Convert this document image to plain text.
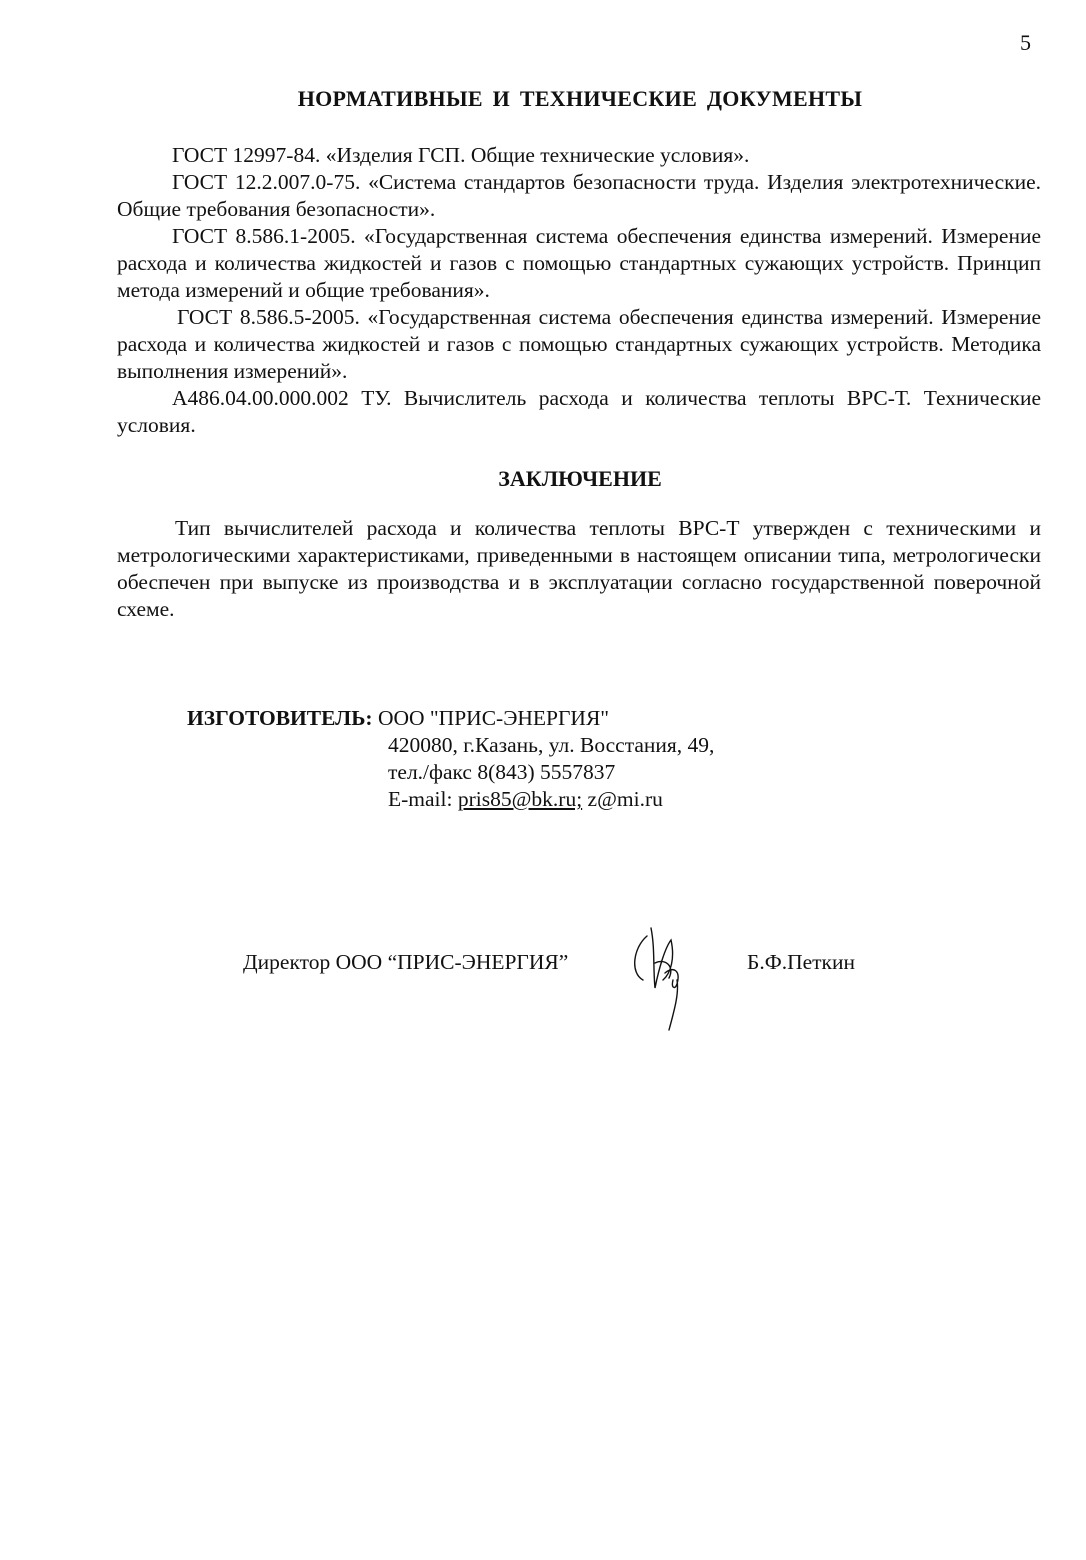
5
НОРМАТИВНЫЕ И ТЕХНИЧЕСКИЕ ДОКУМЕНТЫ

ГОСТ 12997-84. «Изделия ГСП. Общие технические условия».

ГОСТ 12.2.007.0-75. «Система стандартов безопасности труда. Изделия электротехнические. Общие требования безопасности».

ГОСТ 8.586.1-2005. «Государственная система обеспечения единства измерений. Измерение расхода и количества жидкостей и газов с помощью стандартных сужающих устройств. Принцип метода измерений и общие требования».

ГОСТ 8.586.5-2005. «Государственная система обеспечения единства измерений. Измерение расхода и количества жидкостей и газов с помощью стандартных сужающих устройств. Методика выполнения измерений».

А486.04.00.000.002 ТУ. Вычислитель расхода и количества теплоты ВРС-Т. Технические условия.

ЗАКЛЮЧЕНИЕ

Тип вычислителей расхода и количества теплоты ВРС-Т утвержден с техническими и метрологическими характеристиками, приведенными в настоящем описании типа, метрологически обеспечен при выпуске из производства и в эксплуатации согласно государственной поверочной схеме.

ИЗГОТОВИТЕЛЬ: ООО "ПРИС-ЭНЕРГИЯ"
420080, г.Казань, ул. Восстания, 49,
тел./факс 8(843) 5557837
E-mail: pris85@bk.ru; z@mi.ru
Директор ООО “ПРИС-ЭНЕРГИЯ”	Б.Ф.Петкин
